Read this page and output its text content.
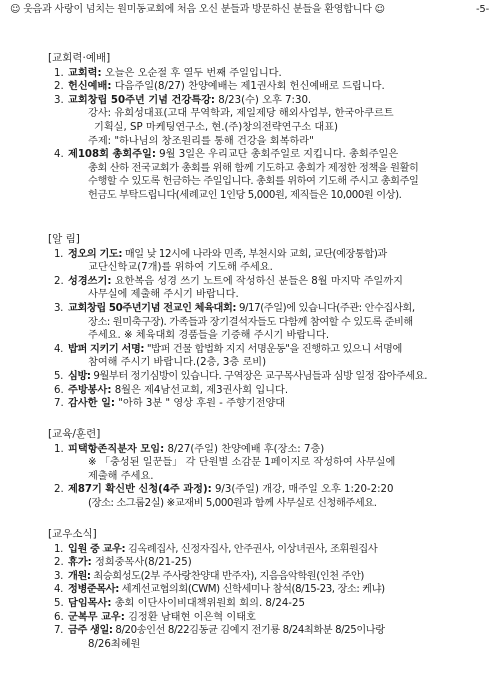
☺ 웃음과 사랑이 넘치는 원미동교회에 처음 오신 분들과 방문하신 분들을 환영합니다 ☺	-5-
[교회력·예배]
1. 교회력: 오늘은 오순절 후 열두 번째 주일입니다.
2. 헌신예배: 다음주일(8/27) 찬양예배는 제1권사회 헌신예배로 드립니다.
3. 교회창립 50주년 기념 건강특강: 8/23(수) 오후 7:30.
강사: 유희성대표(고대 무역학과, 제일제당 해외사업부, 한국아쿠르트
기획실, SP 마케팅연구소, 현.(주)창의전략연구소 대표)
주제: "하나님의 창조원리를 통해 건강을 회복하라"
4. 제108회 총회주일: 9월 3일은 우리교단 총회주일로 지킵니다. 총회주일은
총회 산하 전국교회가 총회를 위해 함께 기도하고 총회가 제정한 정책을 원활히
수행할 수 있도록 헌금하는 주일입니다. 총회를 위하여 기도해 주시고 총회주일
헌금도 부탁드립니다(세례교인 1인당 5,000원, 제직들은 10,000원 이상).
[알 림]
1. 정오의 기도: 매일 낮 12시에 나라와 민족, 부천시와 교회, 교단(예장통합)과
교단신학교(7개)를 위하여 기도해 주세요.
2. 성경쓰기: 요한복음 성경 쓰기 노트에 작성하신 분들은 8월 마지막 주일까지
사무실에 제출해 주시기 바랍니다.
3. 교회창립 50주년기념 전교인 체육대회: 9/17(주일)에 있습니다(주관: 안수집사회,
장소: 원미축구장). 가족들과 장기결석자들도 다함께 참여할 수 있도록 준비해
주세요. ※ 체육대회 경품들을 기증해 주시기 바랍니다.
4. 밥퍼 지키기 서명: "밥퍼 건물 합법화 지지 서명운동"을 진행하고 있으니 서명에
참여해 주시기 바랍니다.(2층, 3층 로비)
5. 심방: 9월부터 정기심방이 있습니다. 구역장은 교구목사님들과 심방 일정 잡아주세요.
6. 주방봉사: 8월은 제4남선교회, 제3권사회 입니다.
7. 감사한 일: "아하 3분 " 영상 후원 - 주향기전양대
[교육/훈련]
1. 피택항존직분자 모임: 8/27(주일) 찬양예배 후(장소: 7층)
※ 「충성된 일꾼들」 각 단원별 소감문 1페이지로 작성하여 사무실에
제출해 주세요.
2. 제87기 확신반 신청(4주 과정): 9/3(주일) 개강, 매주일 오후 1:20-2:20
(장소: 소그룹2실) ※교재비 5,000원과 함께 사무실로 신청해주세요.
[교우소식]
1. 입원 중 교우: 김옥례집사, 신정자집사, 안주권사, 이상녀권사, 조휘원집사
2. 휴가: 정희중목사(8/21-25)
3. 개원: 최승희성도(2부 주사랑찬양대 반주자), 지음음악학원(인천 주안)
4. 정병준목사: 세계선교협의회(CWM) 신학세미나 참석(8/15-23, 장소: 케냐)
5. 담임목사: 총회 이단사이비대책위원회 회의. 8/24-25
6. 군복무 교우: 김정환 남태현 이은혁 이태호
7. 금주 생일: 8/20송인선 8/22김동균 김예지 전기룡 8/24최화분 8/25이나랑
8/26최혜원
